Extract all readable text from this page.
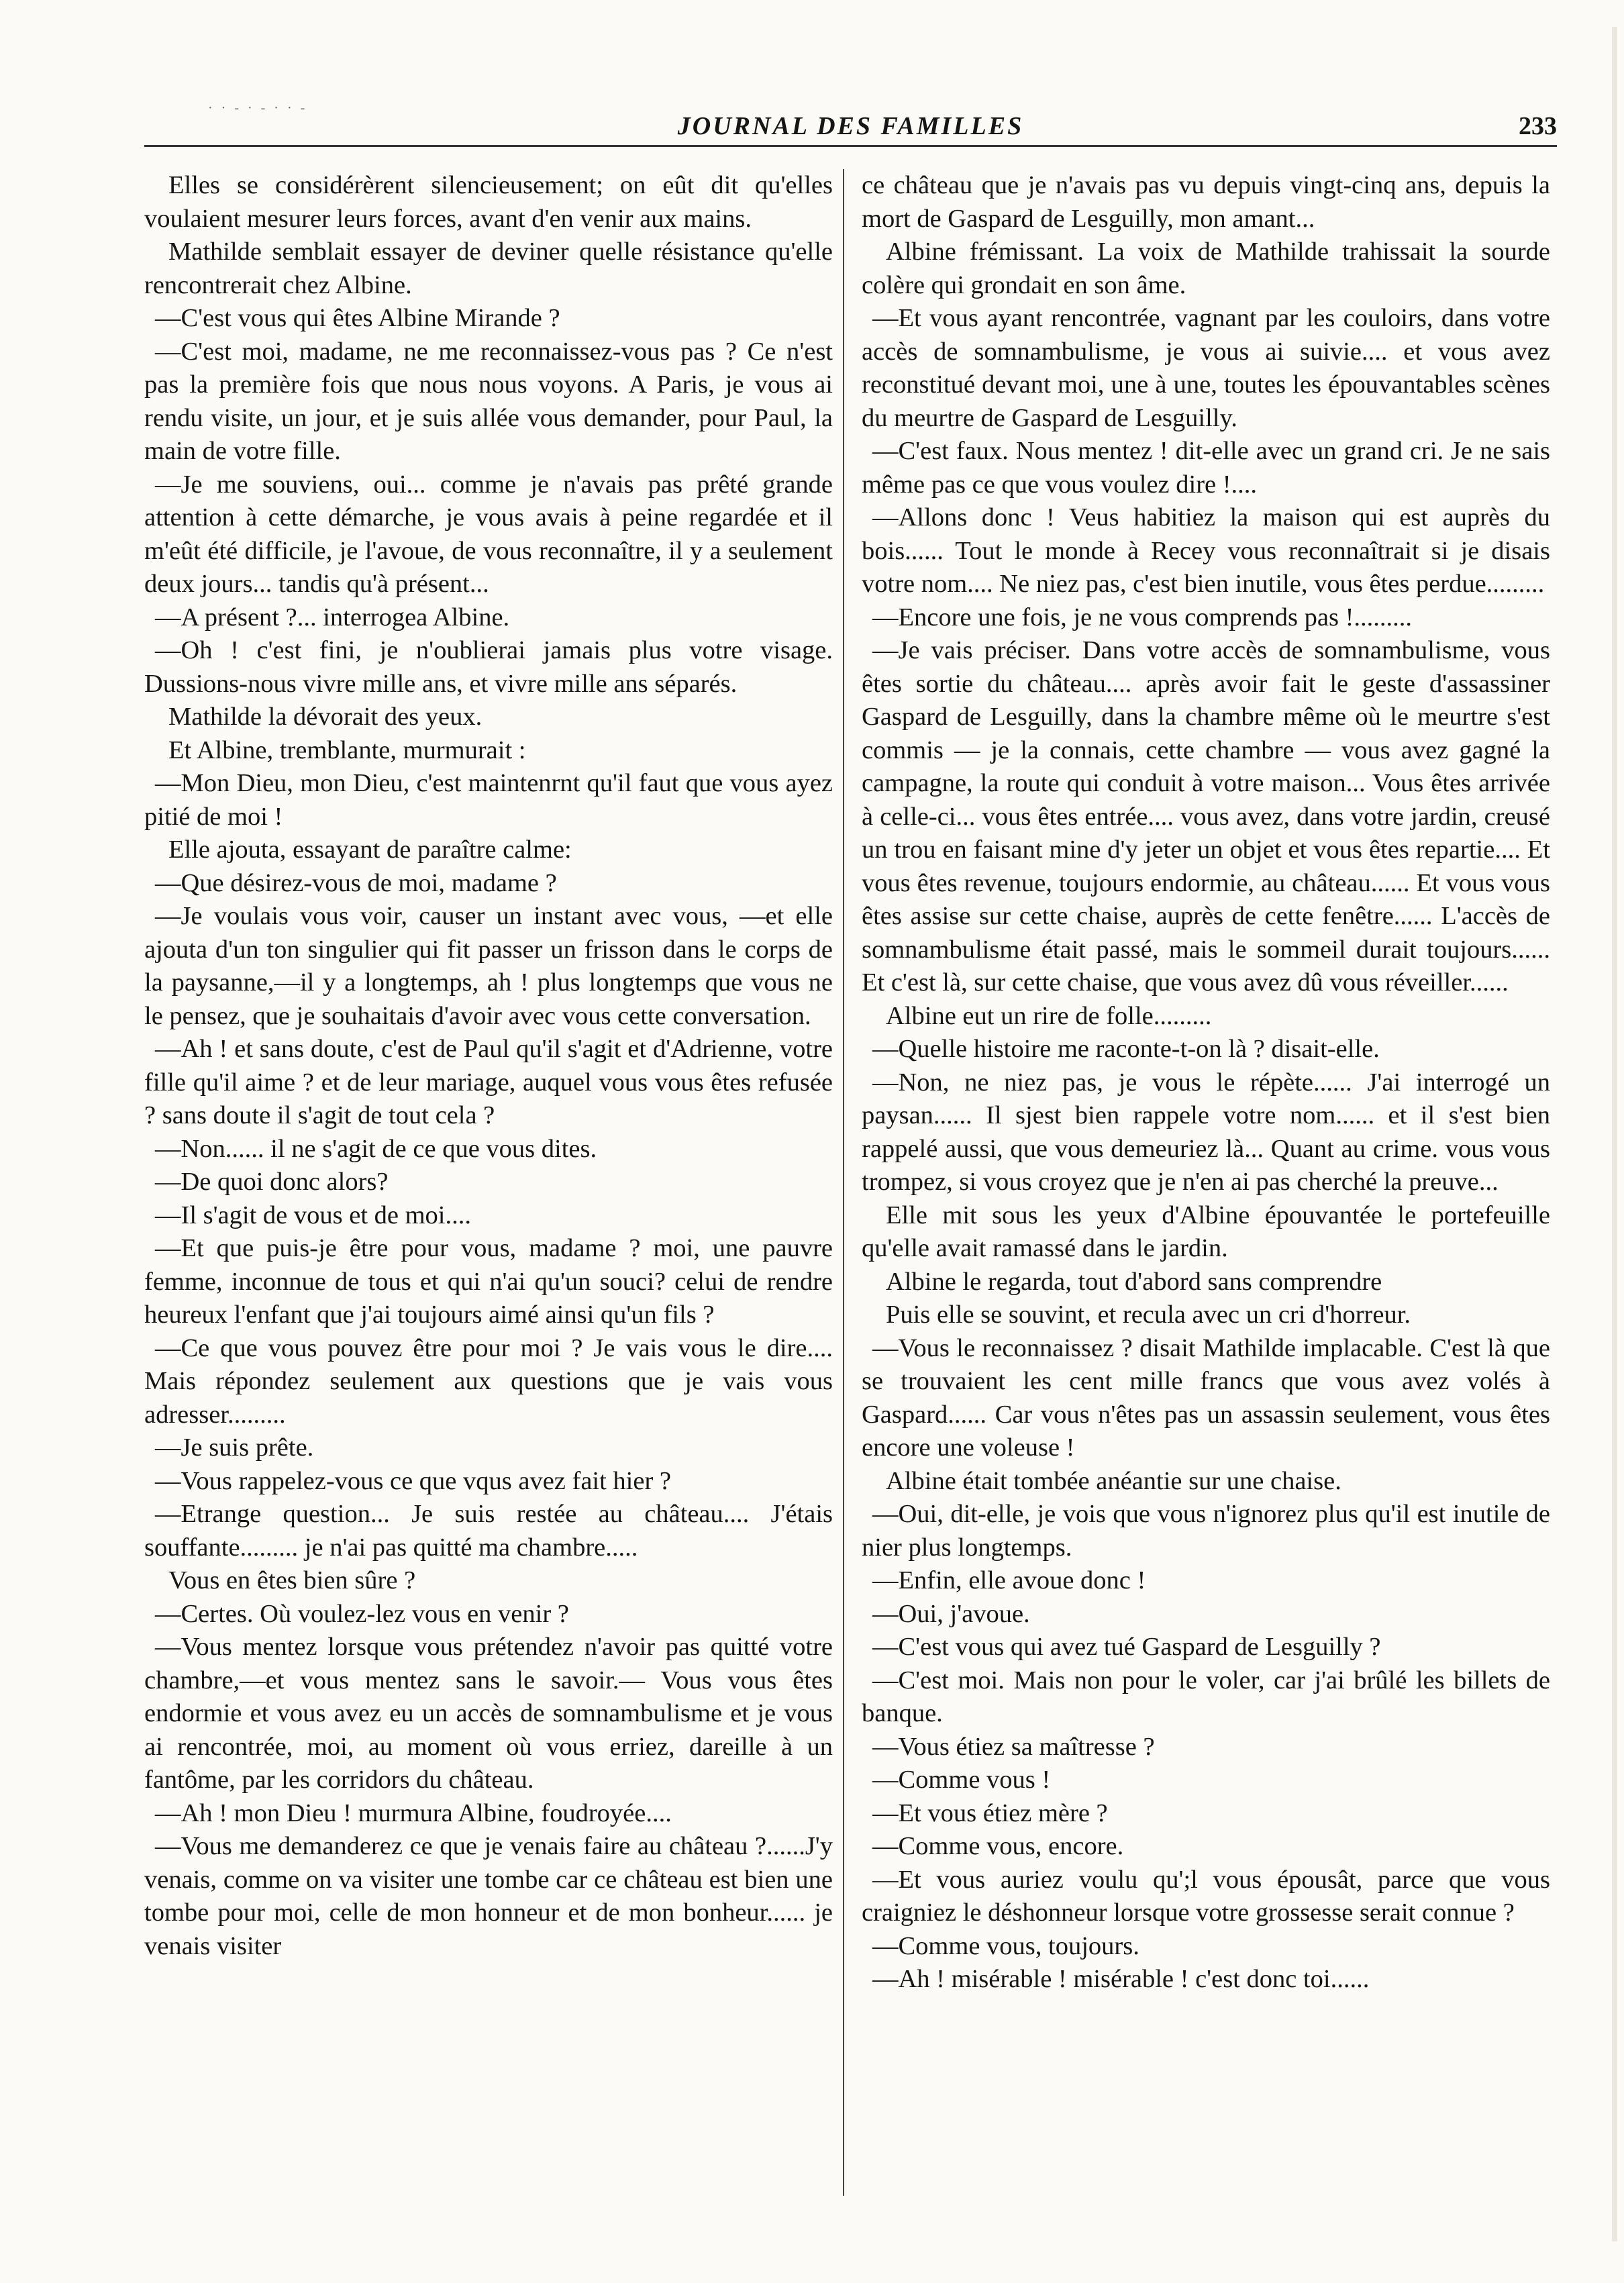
· · - · - · · -
JOURNAL DES FAMILLES	233

Elles se considérèrent silencieusement; on eût dit qu'elles voulaient mesurer leurs forces, avant d'en venir aux mains.

Mathilde semblait essayer de deviner quelle résistance qu'elle rencontrerait chez Albine.

—C'est vous qui êtes Albine Mirande ?

—C'est moi, madame, ne me reconnaissez-vous pas ? Ce n'est pas la première fois que nous nous voyons. A Paris, je vous ai rendu visite, un jour, et je suis allée vous demander, pour Paul, la main de votre fille.

—Je me souviens, oui... comme je n'avais pas prêté grande attention à cette démarche, je vous avais à peine regardée et il m'eût été difficile, je l'avoue, de vous reconnaître, il y a seulement deux jours... tandis qu'à présent...

—A présent ?... interrogea Albine.

—Oh ! c'est fini, je n'oublierai jamais plus votre visage. Dussions-nous vivre mille ans, et vivre mille ans séparés.

Mathilde la dévorait des yeux.

Et Albine, tremblante, murmurait :

—Mon Dieu, mon Dieu, c'est maintenrnt qu'il faut que vous ayez pitié de moi !

Elle ajouta, essayant de paraître calme:

—Que désirez-vous de moi, madame ?

—Je voulais vous voir, causer un instant avec vous, —et elle ajouta d'un ton singulier qui fit passer un frisson dans le corps de la paysanne,—il y a longtemps, ah ! plus longtemps que vous ne le pensez, que je souhaitais d'avoir avec vous cette conversation.

—Ah ! et sans doute, c'est de Paul qu'il s'agit et d'Adrienne, votre fille qu'il aime ? et de leur mariage, auquel vous vous êtes refusée ? sans doute il s'agit de tout cela ?

—Non...... il ne s'agit de ce que vous dites.

—De quoi donc alors?

—Il s'agit de vous et de moi....

—Et que puis-je être pour vous, madame ? moi, une pauvre femme, inconnue de tous et qui n'ai qu'un souci? celui de rendre heureux l'enfant que j'ai toujours aimé ainsi qu'un fils ?

—Ce que vous pouvez être pour moi ? Je vais vous le dire.... Mais répondez seulement aux questions que je vais vous adresser.........

—Je suis prête.

—Vous rappelez-vous ce que vqus avez fait hier ?

—Etrange question... Je suis restée au château.... J'étais souffante......... je n'ai pas quitté ma chambre.....

Vous en êtes bien sûre ?

—Certes. Où voulez-lez vous en venir ?

—Vous mentez lorsque vous prétendez n'avoir pas quitté votre chambre,—et vous mentez sans le savoir.— Vous vous êtes endormie et vous avez eu un accès de somnambulisme et je vous ai rencontrée, moi, au moment où vous erriez, dareille à un fantôme, par les corridors du château.

—Ah ! mon Dieu ! murmura Albine, foudroyée....

—Vous me demanderez ce que je venais faire au château ?......J'y venais, comme on va visiter une tombe car ce château est bien une tombe pour moi, celle de mon honneur et de mon bonheur...... je venais visiter

ce château que je n'avais pas vu depuis vingt-cinq ans, depuis la mort de Gaspard de Lesguilly, mon amant...

Albine frémissant. La voix de Mathilde trahissait la sourde colère qui grondait en son âme.

—Et vous ayant rencontrée, vagnant par les couloirs, dans votre accès de somnambulisme, je vous ai suivie.... et vous avez reconstitué devant moi, une à une, toutes les épouvantables scènes du meurtre de Gaspard de Lesguilly.

—C'est faux. Nous mentez ! dit-elle avec un grand cri. Je ne sais même pas ce que vous voulez dire !....

—Allons donc ! Veus habitiez la maison qui est auprès du bois...... Tout le monde à Recey vous reconnaîtrait si je disais votre nom.... Ne niez pas, c'est bien inutile, vous êtes perdue.........

—Encore une fois, je ne vous comprends pas !.........

—Je vais préciser. Dans votre accès de somnambulisme, vous êtes sortie du château.... après avoir fait le geste d'assassiner Gaspard de Lesguilly, dans la chambre même où le meurtre s'est commis — je la connais, cette chambre — vous avez gagné la campagne, la route qui conduit à votre maison... Vous êtes arrivée à celle-ci... vous êtes entrée.... vous avez, dans votre jardin, creusé un trou en faisant mine d'y jeter un objet et vous êtes repartie.... Et vous êtes revenue, toujours endormie, au château...... Et vous vous êtes assise sur cette chaise, auprès de cette fenêtre...... L'accès de somnambulisme était passé, mais le sommeil durait toujours...... Et c'est là, sur cette chaise, que vous avez dû vous réveiller......

Albine eut un rire de folle.........

—Quelle histoire me raconte-t-on là ? disait-elle.

—Non, ne niez pas, je vous le répète...... J'ai interrogé un paysan...... Il sjest bien rappele votre nom...... et il s'est bien rappelé aussi, que vous demeuriez là... Quant au crime. vous vous trompez, si vous croyez que je n'en ai pas cherché la preuve...

Elle mit sous les yeux d'Albine épouvantée le portefeuille qu'elle avait ramassé dans le jardin.

Albine le regarda, tout d'abord sans comprendre

Puis elle se souvint, et recula avec un cri d'horreur.

—Vous le reconnaissez ? disait Mathilde implacable. C'est là que se trouvaient les cent mille francs que vous avez volés à Gaspard...... Car vous n'êtes pas un assassin seulement, vous êtes encore une voleuse !

Albine était tombée anéantie sur une chaise.

—Oui, dit-elle, je vois que vous n'ignorez plus qu'il est inutile de nier plus longtemps.

—Enfin, elle avoue donc !

—Oui, j'avoue.

—C'est vous qui avez tué Gaspard de Lesguilly ?

—C'est moi. Mais non pour le voler, car j'ai brûlé les billets de banque.

—Vous étiez sa maîtresse ?

—Comme vous !

—Et vous étiez mère ?

—Comme vous, encore.

—Et vous auriez voulu qu';l vous épousât, parce que vous craigniez le déshonneur lorsque votre grossesse serait connue ?

—Comme vous, toujours.

—Ah ! misérable ! misérable ! c'est donc toi......
